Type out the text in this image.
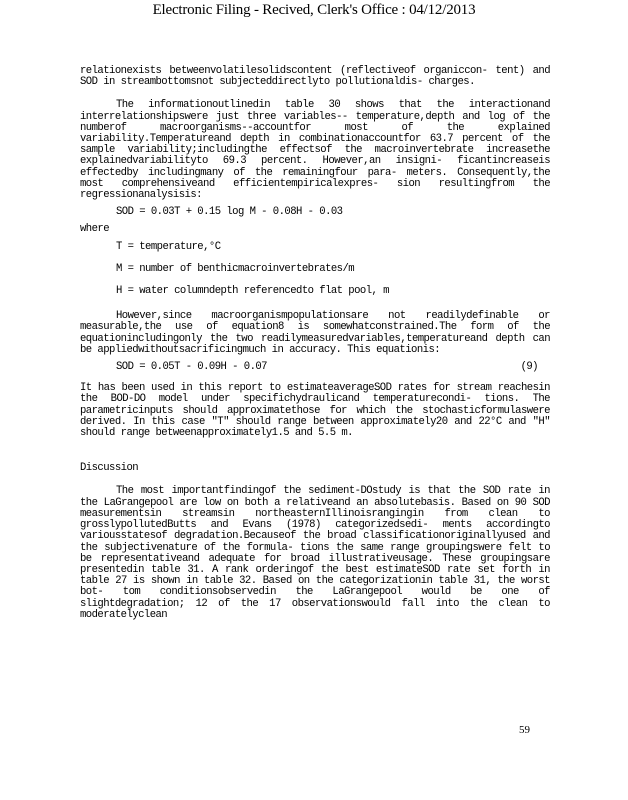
Electronic Filing - Recived, Clerk's Office : 04/12/2013

relationexists betweenvolatilesolidscontent (reflectiveof organiccon- tent) and SOD in streambottomsnot subjecteddirectlyto pollutionaldis- charges.

The informationoutlinedin table 30 shows that the interactionand interrelationshipswere just three variables-- temperature,depth and log of the numberof macroorganisms--accountfor most of the explained variability.Temperatureand depth in combinationaccountfor 63.7 percent of the sample variability;includingthe effectsof the macroinvertebrate increasethe explainedvariabilityto 69.3 percent. However,an insigni- ficantincreaseis effectedby includingmany of the remainingfour para- meters. Consequently,the most comprehensiveand efficientempiricalexpres- sion resultingfrom the regressionanalysisis:

SOD = 0.03T + 0.15 log M - 0.08H - 0.03
where
T = temperature,°C
M = number of benthicmacroinvertebrates/m
H = water columndepth referencedto flat pool, m

However,since macroorganismpopulationsare not readilydefinable or measurable,the use of equation8 is somewhatconstrained.The form of the equationincludingonly the two readilymeasuredvariables,temperatureand depth can be appliedwithoutsacrificingmuch in accuracy. This equationis:

SOD = 0.05T - 0.09H - 0.07	(9)

It has been used in this report to estimateaverageSOD rates for stream reachesin the BOD-DO model under specifichydraulicand temperaturecondi- tions. The parametricinputs should approximatethose for which the stochasticformulaswere derived. In this case "T" should range between approximately20 and 22°C and "H" should range betweenapproximately1.5 and 5.5 m.

Discussion

The most importantfindingof the sediment-DOstudy is that the SOD rate in the LaGrangepool are low on both a relativeand an absolutebasis. Based on 90 SOD measurementsin streamsin northeasternIllinoisrangingin from clean to grosslypollutedButts and Evans (1978) categorizedsedi- ments accordingto variousstatesof degradation.Becauseof the broad classificationoriginallyused and the subjectivenature of the formula- tions the same range groupingswere felt to be representativeand adequate for broad illustrativeusage. These groupingsare presentedin table 31. A rank orderingof the best estimateSOD rate set forth in table 27 is shown in table 32. Based on the categorizationin table 31, the worst bot- tom conditionsobservedin the LaGrangepool would be one of slightdegradation; 12 of the 17 observationswould fall into the clean to moderatelyclean

59
